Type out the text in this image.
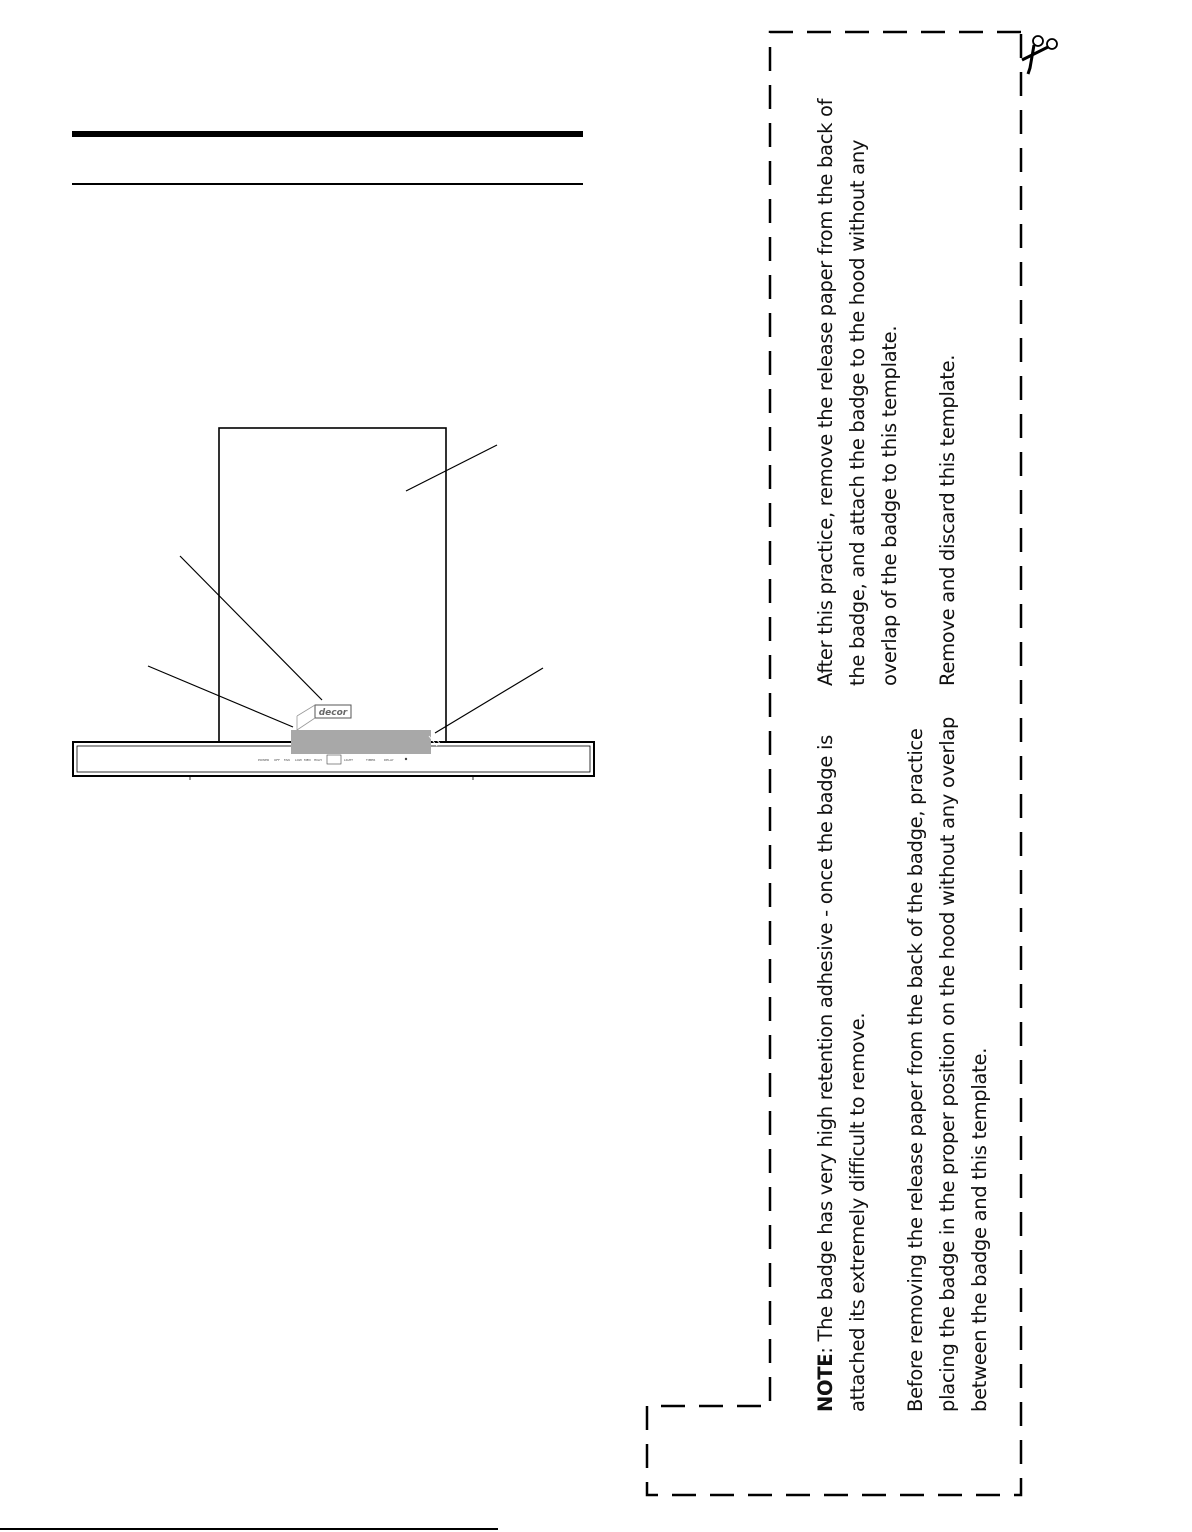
decor
POWER OFF FAN LOW MED HIGH	LIGHT	TIMER	DELAY

After this practice, remove the release paper from the back of the badge, and attach the badge to the hood without any overlap of the badge to this template. Remove and discard this template.

NOTE: The badge has very high retention adhesive - once the badge is attached its extremely difficult to remove. Before removing the release paper from the back of the badge, practice placing the badge in the proper position on the hood without any overlap between the badge and this template.
